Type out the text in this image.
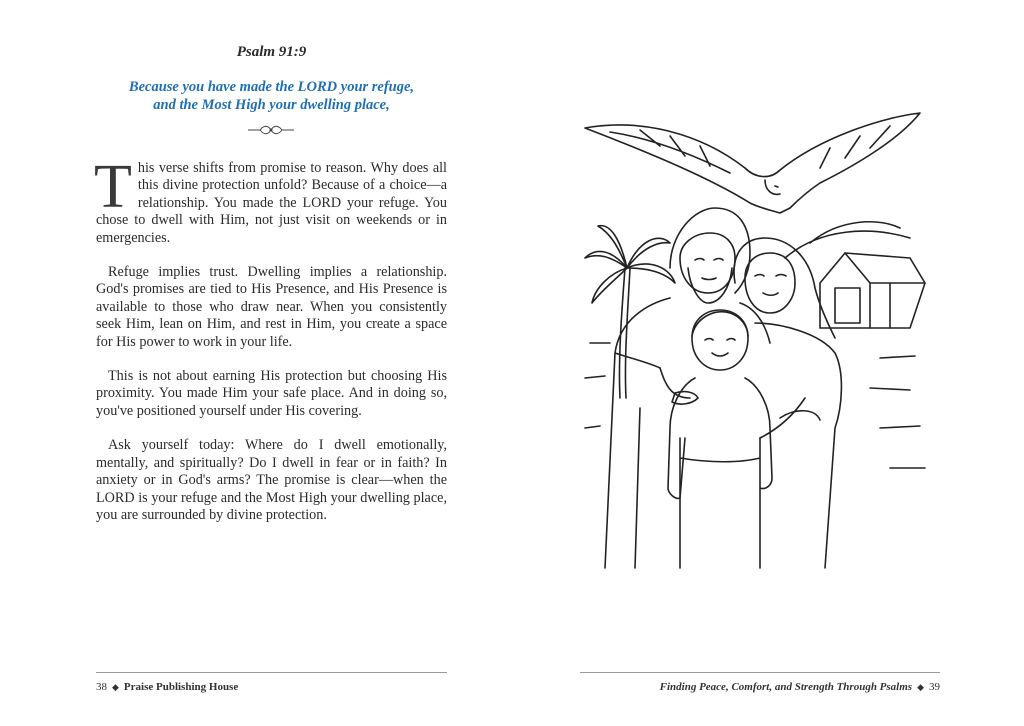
Psalm 91:9
Because you have made the LORD your refuge,
and the Most High your dwelling place,

This verse shifts from promise to reason. Why does all this divine protection unfold? Because of a choice—a relationship. You made the LORD your refuge. You chose to dwell with Him, not just visit on weekends or in emergencies.

Refuge implies trust. Dwelling implies a relationship. God's promises are tied to His Presence, and His Presence is available to those who draw near. When you consistently seek Him, lean on Him, and rest in Him, you create a space for His power to work in your life.

This is not about earning His protection but choosing His proximity. You made Him your safe place. And in doing so, you've positioned yourself under His covering.

Ask yourself today: Where do I dwell emotionally, mentally, and spiritually? Do I dwell in fear or in faith? In anxiety or in God's arms? The promise is clear—when the LORD is your refuge and the Most High your dwelling place, you are surrounded by divine protection.

38 ◆ Praise Publishing House	Finding Peace, Comfort, and Strength Through Psalms ◆ 39
